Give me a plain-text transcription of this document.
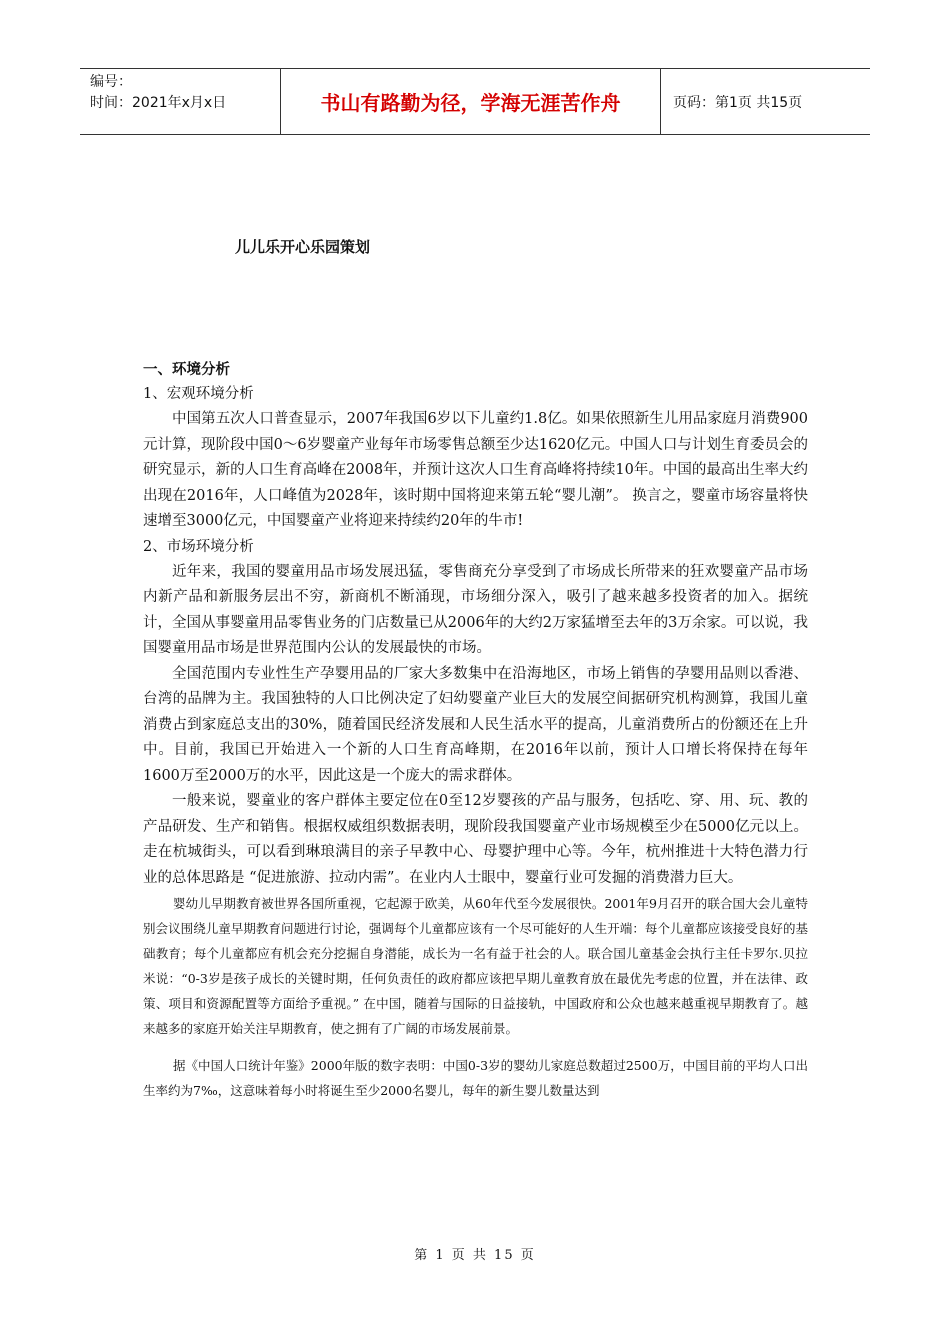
编号：
时间：2021年x月x日	书山有路勤为径，学海无涯苦作舟	页码：第1页 共15页
儿儿乐开心乐园策划
一、环境分析
1、宏观环境分析
中国第五次人口普查显示，2007年我国6岁以下儿童约1.8亿。如果依照新生儿用品家庭月消费900元计算，现阶段中国0～6岁婴童产业每年市场零售总额至少达1620亿元。中国人口与计划生育委员会的研究显示，新的人口生育高峰在2008年，并预计这次人口生育高峰将持续10年。中国的最高出生率大约出现在2016年，人口峰值为2028年，该时期中国将迎来第五轮“婴儿潮”。 换言之，婴童市场容量将快速增至3000亿元，中国婴童产业将迎来持续约20年的牛市!
2、市场环境分析
近年来，我国的婴童用品市场发展迅猛，零售商充分享受到了市场成长所带来的狂欢婴童产品市场内新产品和新服务层出不穷，新商机不断涌现，市场细分深入，吸引了越来越多投资者的加入。据统计，全国从事婴童用品零售业务的门店数量已从2006年的大约2万家猛增至去年的3万余家。可以说，我国婴童用品市场是世界范围内公认的发展最快的市场。
全国范围内专业性生产孕婴用品的厂家大多数集中在沿海地区，市场上销售的孕婴用品则以香港、台湾的品牌为主。我国独特的人口比例决定了妇幼婴童产业巨大的发展空间据研究机构测算，我国儿童消费占到家庭总支出的30%，随着国民经济发展和人民生活水平的提高，儿童消费所占的份额还在上升中。目前，我国已开始进入一个新的人口生育高峰期，在2016年以前，预计人口增长将保持在每年1600万至2000万的水平，因此这是一个庞大的需求群体。
一般来说，婴童业的客户群体主要定位在0至12岁婴孩的产品与服务，包括吃、穿、用、玩、教的产品研发、生产和销售。根据权威组织数据表明，现阶段我国婴童产业市场规模至少在5000亿元以上。走在杭城街头，可以看到琳琅满目的亲子早教中心、母婴护理中心等。今年，杭州推进十大特色潜力行业的总体思路是 “促进旅游、拉动内需”。在业内人士眼中，婴童行业可发掘的消费潜力巨大。
婴幼儿早期教育被世界各国所重视，它起源于欧美，从60年代至今发展很快。2001年9月召开的联合国大会儿童特别会议围绕儿童早期教育问题进行讨论，强调每个儿童都应该有一个尽可能好的人生开端：每个儿童都应该接受良好的基础教育；每个儿童都应有机会充分挖掘自身潜能，成长为一名有益于社会的人。联合国儿童基金会执行主任卡罗尔.贝拉米说：“0-3岁是孩子成长的关键时期，任何负责任的政府都应该把早期儿童教育放在最优先考虑的位置，并在法律、政策、项目和资源配置等方面给予重视。” 在中国，随着与国际的日益接轨，中国政府和公众也越来越重视早期教育了。越来越多的家庭开始关注早期教育，使之拥有了广阔的市场发展前景。
据《中国人口统计年鉴》2000年版的数字表明：中国0-3岁的婴幼儿家庭总数超过2500万，中国目前的平均人口出生率约为7‰，这意味着每小时将诞生至少2000名婴儿，每年的新生婴儿数量达到
第 1 页 共 15 页
